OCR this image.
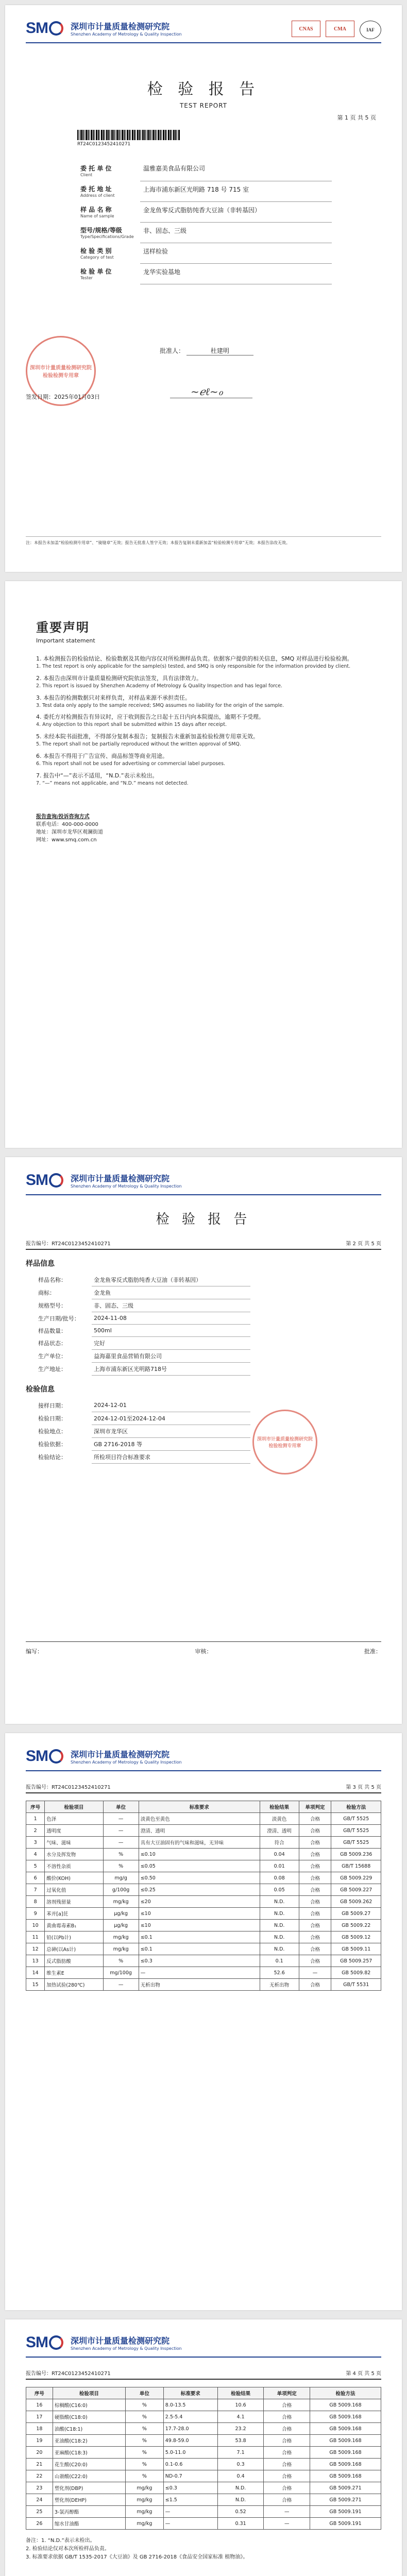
SM	深圳市计量质量检测研究院
Shenzhen Academy of Metrology & Quality Inspection
CNAS	CMA	IAF
检 验 报 告
TEST REPORT
第 1 页 共 5 页
RT24C0123452410271
委 托 单 位
Client	温雅嘉美食品有限公司
委 托 地 址
Address of client	上海市浦东新区光明路 718 号 715 室
样 品 名 称
Name of sample	金龙鱼零反式脂肪纯香大豆油（非转基因）
型号/规格/等级
Type/Specifications/Grade	非、固态、三级
检 验 类 别
Category of test	送样检验
检 验 单 位
Tester	龙华实验基地
深圳市计量质量检测研究院 检验检测专用章
批准人：	杜建明
签发日期：2025年01月03日	~ℯℓ~ℴ
注：本报告未加盖“检验检测专用章”、“骑缝章”无效；报告无批准人签字无效；本报告复制未重新加盖“检验检测专用章”无效；本报告涂改无效。
重要声明
Important statement

1. 本检测报告的检验结论、检验数据及其他内容仅对所检测样品负责。依据客户提供的相关信息，SMQ 对样品进行检验检测。
1. The test report is only applicable for the sample(s) tested, and SMQ is only responsible for the information provided by client.

2. 本报告由深圳市计量质量检测研究院依法签发，具有法律效力。
2. This report is issued by Shenzhen Academy of Metrology & Quality Inspection and has legal force.

3. 本报告的检测数据只对来样负责，对样品来源不承担责任。
3. Test data only apply to the sample received; SMQ assumes no liability for the origin of the sample.

4. 委托方对检测报告有异议时，应于收到报告之日起十五日内向本院提出，逾期不予受理。
4. Any objection to this report shall be submitted within 15 days after receipt.

5. 未经本院书面批准，不得部分复制本报告；复制报告未重新加盖检验检测专用章无效。
5. The report shall not be partially reproduced without the written approval of SMQ.

6. 本报告不得用于广告宣传、商品标签等商业用途。
6. This report shall not be used for advertising or commercial label purposes.

7. 报告中“—”表示不适用，“N.D.”表示未检出。
7. “—” means not applicable, and “N.D.” means not detected.

报告查询/投诉咨询方式
联系电话：400-000-0000
地址：深圳市龙华区观澜街道
网址：www.smq.com.cn
SM	深圳市计量质量检测研究院
Shenzhen Academy of Metrology & Quality Inspection
检 验 报 告
报告编号：RT24C0123452410271	第 2 页 共 5 页
样品信息
样品名称：	金龙鱼零反式脂肪纯香大豆油（非转基因）
商标：	金龙鱼
规格型号：	非、固态、三级
生产日期/批号：	2024-11-08
样品数量：	500ml
样品状态：	完好
生产单位：	益海嘉里食品营销有限公司
生产地址：	上海市浦东新区光明路718号
检验信息
接样日期：	2024-12-01
检验日期：	2024-12-01至2024-12-04
检验地点：	深圳市龙华区
检验依据：	GB 2716-2018 等
检验结论：	所检项目符合标准要求
深圳市计量质量检测研究院 检验检测专用章
编写：	审核：	批准：
SM	深圳市计量质量检测研究院
Shenzhen Academy of Metrology & Quality Inspection
报告编号：RT24C0123452410271	第 3 页 共 5 页
序号	检验项目	单位	标准要求	检验结果	单项判定	检验方法
1	色泽	—	淡黄色至黄色	淡黄色	合格	GB/T 5525
2	透明度	—	澄清、透明	澄清、透明	合格	GB/T 5525
3	气味、滋味	—	具有大豆油固有的气味和滋味，无异味	符合	合格	GB/T 5525
4	水分及挥发物	%	≤0.10	0.04	合格	GB 5009.236
5	不溶性杂质	%	≤0.05	0.01	合格	GB/T 15688
6	酸价(KOH)	mg/g	≤0.50	0.08	合格	GB 5009.229
7	过氧化值	g/100g	≤0.25	0.05	合格	GB 5009.227
8	溶剂残留量	mg/kg	≤20	N.D.	合格	GB 5009.262
9	苯并[a]芘	μg/kg	≤10	N.D.	合格	GB 5009.27
10	黄曲霉毒素B₁	μg/kg	≤10	N.D.	合格	GB 5009.22
11	铅(以Pb计)	mg/kg	≤0.1	N.D.	合格	GB 5009.12
12	总砷(以As计)	mg/kg	≤0.1	N.D.	合格	GB 5009.11
13	反式脂肪酸	%	≤0.3	0.1	合格	GB 5009.257
14	维生素E	mg/100g	—	52.6	—	GB 5009.82
15	加热试验(280℃)	—	无析出物	无析出物	合格	GB/T 5531
SM	深圳市计量质量检测研究院
Shenzhen Academy of Metrology & Quality Inspection
报告编号：RT24C0123452410271	第 4 页 共 5 页
序号	检验项目	单位	标准要求	检验结果	单项判定	检验方法
16	棕榈酸(C16:0)	%	8.0-13.5	10.6	合格	GB 5009.168
17	硬脂酸(C18:0)	%	2.5-5.4	4.1	合格	GB 5009.168
18	油酸(C18:1)	%	17.7-28.0	23.2	合格	GB 5009.168
19	亚油酸(C18:2)	%	49.8-59.0	53.8	合格	GB 5009.168
20	亚麻酸(C18:3)	%	5.0-11.0	7.1	合格	GB 5009.168
21	花生酸(C20:0)	%	0.1-0.6	0.3	合格	GB 5009.168
22	山嵛酸(C22:0)	%	ND-0.7	0.4	合格	GB 5009.168
23	塑化剂(DBP)	mg/kg	≤0.3	N.D.	合格	GB 5009.271
24	塑化剂(DEHP)	mg/kg	≤1.5	N.D.	合格	GB 5009.271
25	3-氯丙醇酯	mg/kg	—	0.52	—	GB 5009.191
26	缩水甘油酯	mg/kg	—	0.31	—	GB 5009.191
备注：1. “N.D.”表示未检出。
2. 检验结论仅对本次所检样品负责。
3. 标准要求依据 GB/T 1535-2017《大豆油》及 GB 2716-2018《食品安全国家标准 植物油》。
